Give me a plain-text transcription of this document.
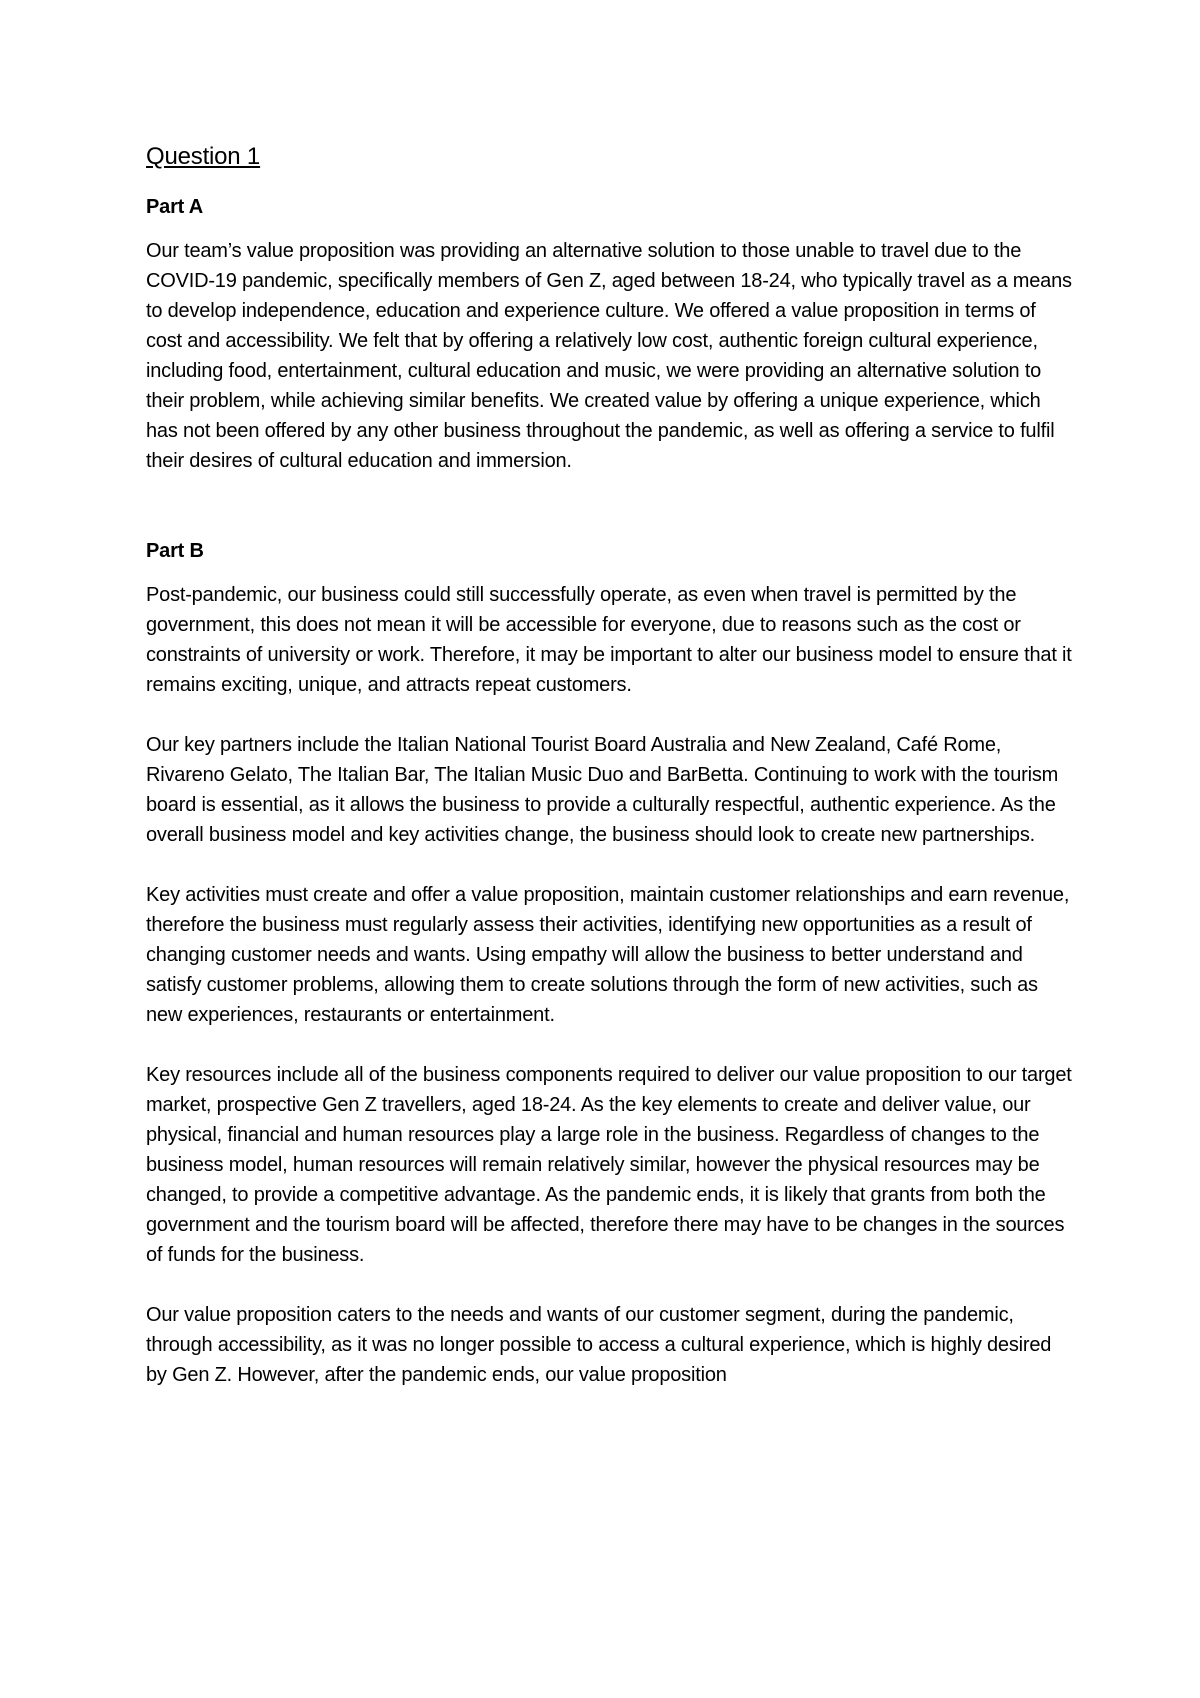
Question 1
Part A
Our team’s value proposition was providing an alternative solution to those unable to travel due to the COVID-19 pandemic, specifically members of Gen Z, aged between 18-24, who typically travel as a means to develop independence, education and experience culture. We offered a value proposition in terms of cost and accessibility. We felt that by offering a relatively low cost, authentic foreign cultural experience, including food, entertainment, cultural education and music, we were providing an alternative solution to their problem, while achieving similar benefits. We created value by offering a unique experience, which has not been offered by any other business throughout the pandemic, as well as offering a service to fulfil their desires of cultural education and immersion.
Part B
Post-pandemic, our business could still successfully operate, as even when travel is permitted by the government, this does not mean it will be accessible for everyone, due to reasons such as the cost or constraints of university or work. Therefore, it may be important to alter our business model to ensure that it remains exciting, unique, and attracts repeat customers.
Our key partners include the Italian National Tourist Board Australia and New Zealand, Café Rome, Rivareno Gelato, The Italian Bar, The Italian Music Duo and BarBetta. Continuing to work with the tourism board is essential, as it allows the business to provide a culturally respectful, authentic experience. As the overall business model and key activities change, the business should look to create new partnerships.
Key activities must create and offer a value proposition, maintain customer relationships and earn revenue, therefore the business must regularly assess their activities, identifying new opportunities as a result of changing customer needs and wants. Using empathy will allow the business to better understand and satisfy customer problems, allowing them to create solutions through the form of new activities, such as new experiences, restaurants or entertainment.
Key resources include all of the business components required to deliver our value proposition to our target market, prospective Gen Z travellers, aged 18-24. As the key elements to create and deliver value, our physical, financial and human resources play a large role in the business. Regardless of changes to the business model, human resources will remain relatively similar, however the physical resources may be changed, to provide a competitive advantage. As the pandemic ends, it is likely that grants from both the government and the tourism board will be affected, therefore there may have to be changes in the sources of funds for the business.
Our value proposition caters to the needs and wants of our customer segment, during the pandemic, through accessibility, as it was no longer possible to access a cultural experience, which is highly desired by Gen Z. However, after the pandemic ends, our value proposition
